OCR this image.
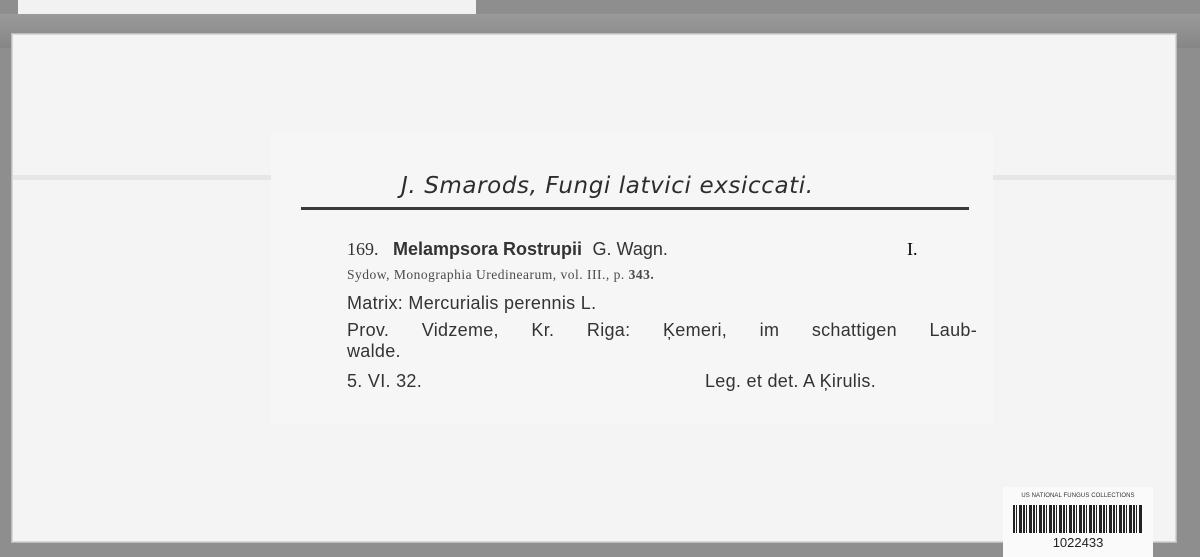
J. Smarods, Fungi latvici exsiccati.
169. Melampsora Rostrupii G. Wagn.	I.
Sydow, Monographia Uredinearum, vol. III., p. 343.
Matrix: Mercurialis perennis L.
Prov. Vidzeme, Kr. Riga: Ķemeri, im schattigen Laub-
walde.
5. VI. 32.	Leg. et det. A Ķirulis.
US NATIONAL FUNGUS COLLECTIONS
1022433
